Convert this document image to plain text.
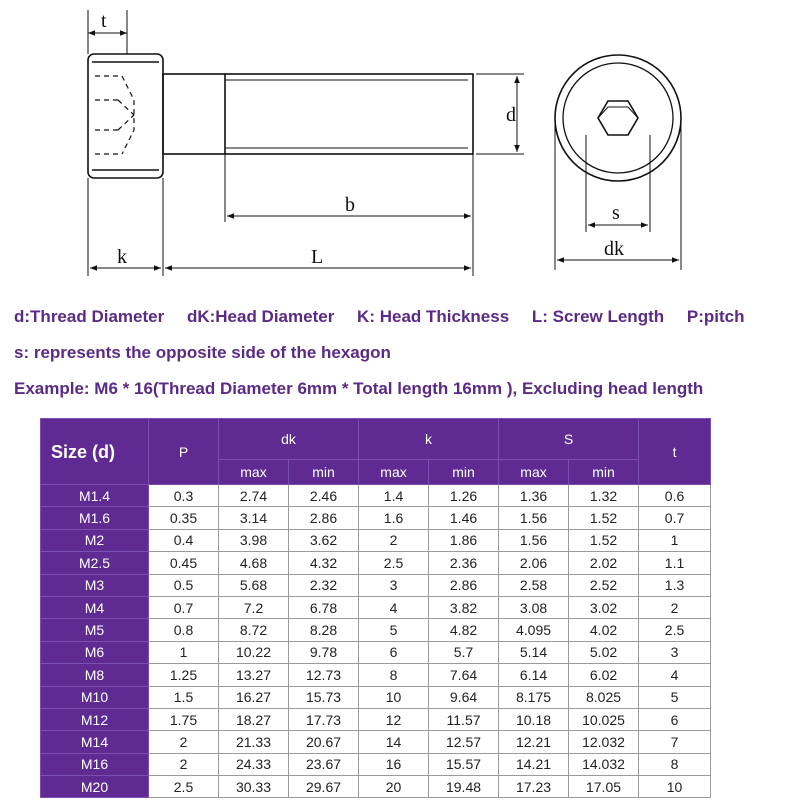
t
d
b
k	L
s
dk
d:Thread Diameter dK:Head Diameter K: Head Thickness L: Screw Length P:pitch
s: represents the opposite side of the hexagon
Example: M6 * 16(Thread Diameter 6mm * Total length 16mm ), Excluding head length
Size (d)	P	dk		k		S		t
		max	min	max	min	max	min	
M1.4	0.3	2.74	2.46	1.4	1.26	1.36	1.32	0.6
M1.6	0.35	3.14	2.86	1.6	1.46	1.56	1.52	0.7
M2	0.4	3.98	3.62	2	1.86	1.56	1.52	1
M2.5	0.45	4.68	4.32	2.5	2.36	2.06	2.02	1.1
M3	0.5	5.68	2.32	3	2.86	2.58	2.52	1.3
M4	0.7	7.2	6.78	4	3.82	3.08	3.02	2
M5	0.8	8.72	8.28	5	4.82	4.095	4.02	2.5
M6	1	10.22	9.78	6	5.7	5.14	5.02	3
M8	1.25	13.27	12.73	8	7.64	6.14	6.02	4
M10	1.5	16.27	15.73	10	9.64	8.175	8.025	5
M12	1.75	18.27	17.73	12	11.57	10.18	10.025	6
M14	2	21.33	20.67	14	12.57	12.21	12.032	7
M16	2	24.33	23.67	16	15.57	14.21	14.032	8
M20	2.5	30.33	29.67	20	19.48	17.23	17.05	10
